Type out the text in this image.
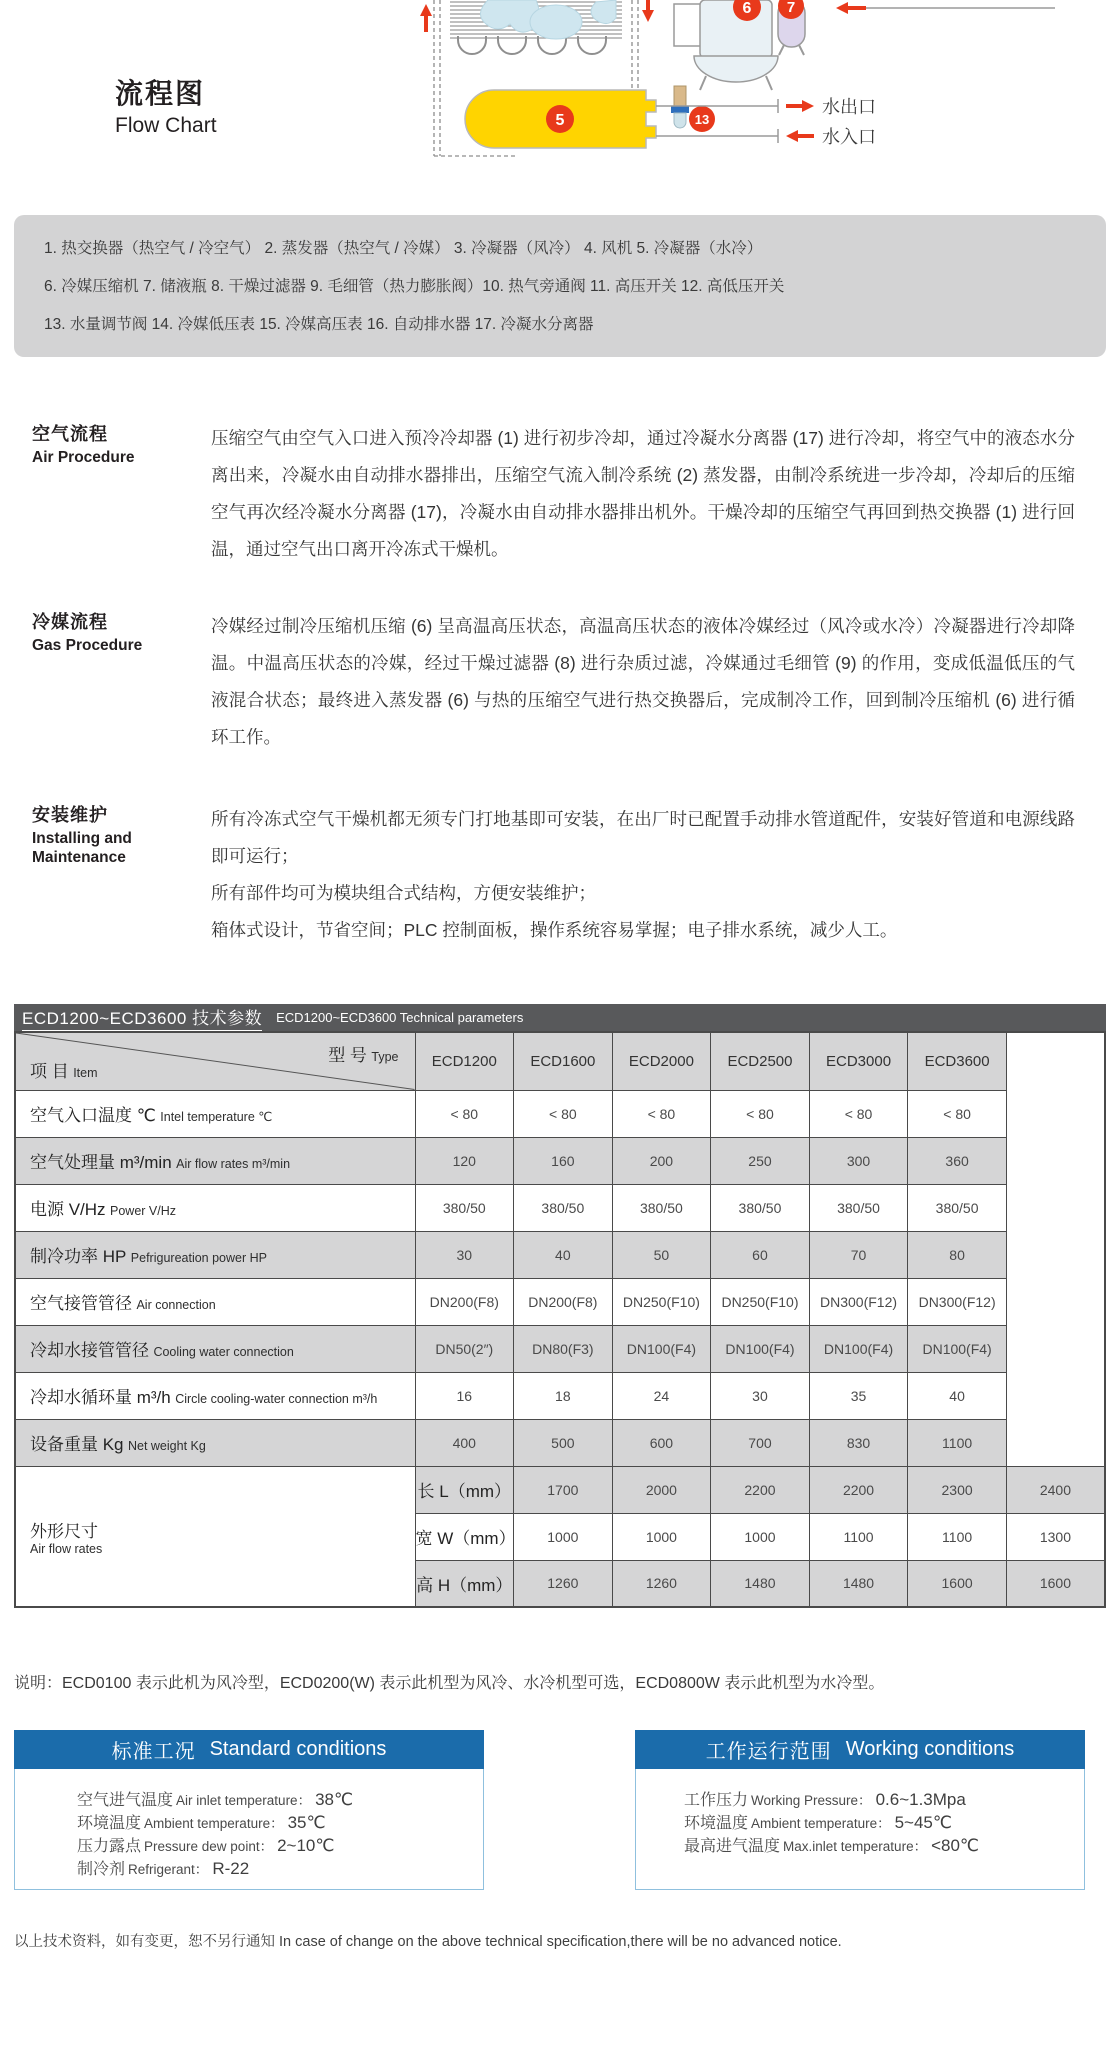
5	13
6 7
水出口
水入口
流程图
Flow Chart

1. 热交换器（热空气 / 冷空气） 2. 蒸发器（热空气 / 冷媒） 3. 冷凝器（风冷） 4. 风机 5. 冷凝器（水冷）

6. 冷媒压缩机 7. 储液瓶 8. 干燥过滤器 9. 毛细管（热力膨胀阀）10. 热气旁通阀 11. 高压开关 12. 高低压开关

13. 水量调节阀 14. 冷媒低压表 15. 冷媒高压表 16. 自动排水器 17. 冷凝水分离器

空气流程
Air Procedure

压缩空气由空气入口进入预冷冷却器 (1) 进行初步冷却，通过冷凝水分离器 (17) 进行冷却，将空气中的液态水分离出来，冷凝水由自动排水器排出，压缩空气流入制冷系统 (2) 蒸发器，由制冷系统进一步冷却，冷却后的压缩空气再次经冷凝水分离器 (17)，冷凝水由自动排水器排出机外。干燥冷却的压缩空气再回到热交换器 (1) 进行回温，通过空气出口离开冷冻式干燥机。

冷媒流程
Gas Procedure

冷媒经过制冷压缩机压缩 (6) 呈高温高压状态，高温高压状态的液体冷媒经过（风冷或水冷）冷凝器进行冷却降温。中温高压状态的冷媒，经过干燥过滤器 (8) 进行杂质过滤，冷媒通过毛细管 (9) 的作用，变成低温低压的气液混合状态；最终进入蒸发器 (6) 与热的压缩空气进行热交换器后，完成制冷工作，回到制冷压缩机 (6) 进行循环工作。

安装维护
Installing and Maintenance

所有冷冻式空气干燥机都无须专门打地基即可安装，在出厂时已配置手动排水管道配件，安装好管道和电源线路即可运行；

所有部件均可为模块组合式结构，方便安装维护；

箱体式设计，节省空间；PLC 控制面板，操作系统容易掌握；电子排水系统，减少人工。

ECD1200~ECD3600 技术参数 ECD1200~ECD3600 Technical parameters
型 号 Type
项 目 Item	ECD1200	ECD1600	ECD2000	ECD2500	ECD3000	ECD3600	
空气入口温度 ℃ Intel temperature ℃	< 80	< 80	< 80	< 80	< 80	< 80	
空气处理量 m³/min Air flow rates m³/min	120	160	200	250	300	360	
电源 V/Hz Power V/Hz	380/50	380/50	380/50	380/50	380/50	380/50	
制冷功率 HP Pefrigureation power HP	30	40	50	60	70	80	
空气接管管径 Air connection	DN200(F8)	DN200(F8)	DN250(F10)	DN250(F10)	DN300(F12)	DN300(F12)	
冷却水接管管径 Cooling water connection	DN50(2″)	DN80(F3)	DN100(F4)	DN100(F4)	DN100(F4)	DN100(F4)	
冷却水循环量 m³/h Circle cooling-water connection m³/h	16	18	24	30	35	40	
设备重量 Kg Net weight Kg	400	500	600	700	830	1100	

外形尺寸
Air flow rates	长 L（mm）	1700	2000	2200	2200	2300	2400
	宽 W（mm）	1000	1000	1000	1100	1100	1300
	高 H（mm）	1260	1260	1480	1480	1600	1600

说明：ECD0100 表示此机为风冷型，ECD0200(W) 表示此机型为风冷、水冷机型可选，ECD0800W 表示此机型为水冷型。

标准工况 Standard conditions
空气进气温度 Air inlet temperature： 38℃
环境温度 Ambient temperature： 35℃
压力露点 Pressure dew point： 2~10℃
制冷剂 Refrigerant： R-22
工作运行范围 Working conditions
工作压力 Working Pressure： 0.6~1.3Mpa
环境温度 Ambient temperature： 5~45℃
最高进气温度 Max.inlet temperature： <80℃

以上技术资料，如有变更，恕不另行通知 In case of change on the above technical specification,there will be no advanced notice.
